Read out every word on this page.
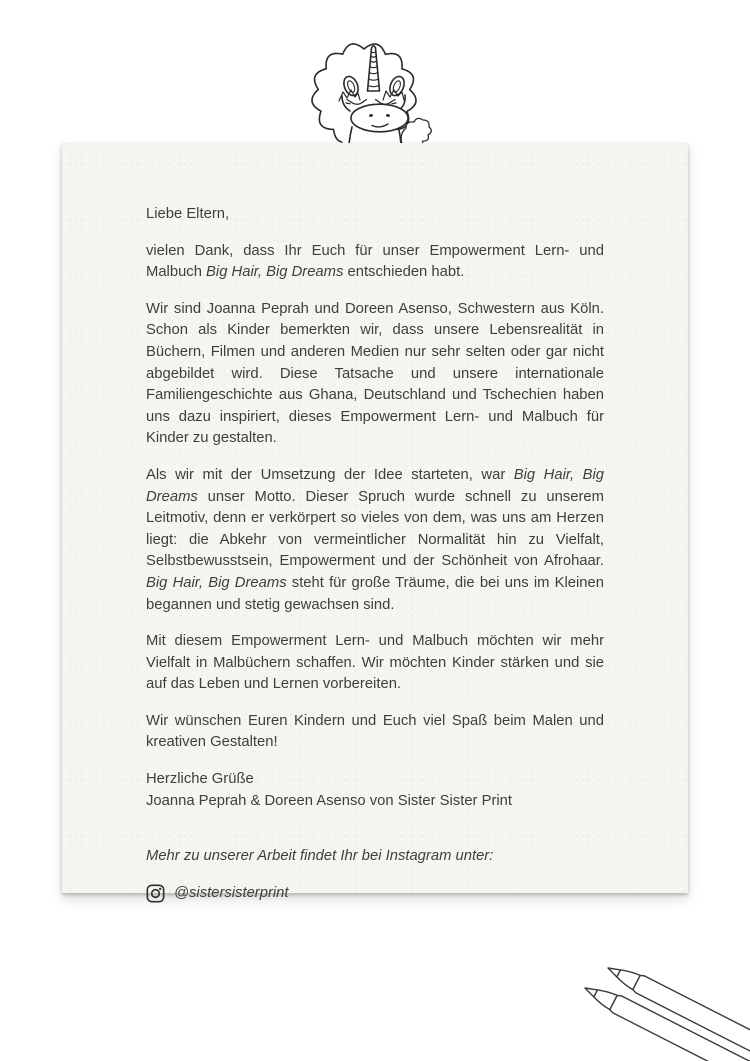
Liebe Eltern,

vielen Dank, dass Ihr Euch für unser Empowerment Lern- und Malbuch Big Hair, Big Dreams entschieden habt.

Wir sind Joanna Peprah und Doreen Asenso, Schwestern aus Köln. Schon als Kinder bemerkten wir, dass unsere Lebensrealität in Büchern, Filmen und anderen Medien nur sehr selten oder gar nicht abgebildet wird. Diese Tatsache und unsere internationale Familiengeschichte aus Ghana, Deutschland und Tschechien haben uns dazu inspiriert, dieses Empowerment Lern- und Malbuch für Kinder zu gestalten.

Als wir mit der Umsetzung der Idee starteten, war Big Hair, Big Dreams unser Motto. Dieser Spruch wurde schnell zu unserem Leitmotiv, denn er verkörpert so vieles von dem, was uns am Herzen liegt: die Abkehr von vermeintlicher Normalität hin zu Vielfalt, Selbstbewusstsein, Empowerment und der Schönheit von Afrohaar. Big Hair, Big Dreams steht für große Träume, die bei uns im Kleinen begannen und stetig gewachsen sind.

Mit diesem Empowerment Lern- und Malbuch möchten wir mehr Vielfalt in Malbüchern schaffen. Wir möchten Kinder stärken und sie auf das Leben und Lernen vorbereiten.

Wir wünschen Euren Kindern und Euch viel Spaß beim Malen und kreativen Gestalten!

Herzliche Grüße
Joanna Peprah & Doreen Asenso von Sister Sister Print

Mehr zu unserer Arbeit findet Ihr bei Instagram unter:

@sistersisterprint
